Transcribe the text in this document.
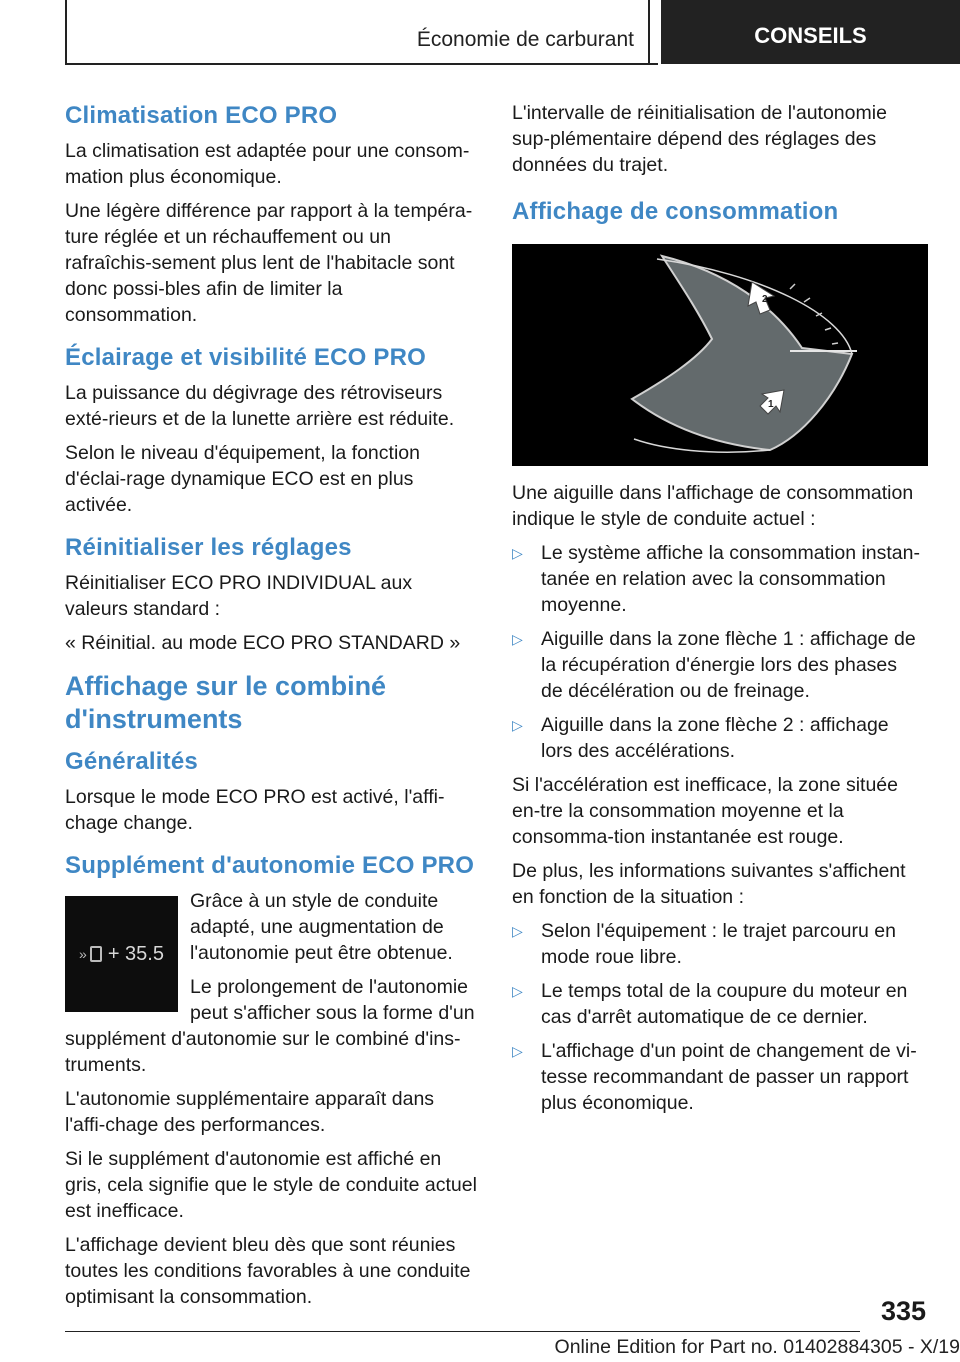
Économie de carburant	CONSEILS
Climatisation ECO PRO

La climatisation est adaptée pour une consom-mation plus économique.

Une légère différence par rapport à la tempéra-ture réglée et un réchauffement ou un rafraîchis-sement plus lent de l'habitacle sont donc possi-bles afin de limiter la consommation.

Éclairage et visibilité ECO PRO

La puissance du dégivrage des rétroviseurs exté-rieurs et de la lunette arrière est réduite.

Selon le niveau d'équipement, la fonction d'éclai-rage dynamique ECO est en plus activée.

Réinitialiser les réglages

Réinitialiser ECO PRO INDIVIDUAL aux valeurs standard :

« Réinitial. au mode ECO PRO STANDARD »

Affichage sur le combiné
d'instruments
Généralités

Lorsque le mode ECO PRO est activé, l'affi-chage change.

Supplément d'autonomie ECO PRO
» + 35.5

Grâce à un style de conduite adapté, une augmentation de l'autonomie peut être obtenue.

Le prolongement de l'autonomie peut s'afficher sous la forme d'un supplément d'autonomie sur le combiné d'ins-truments.

L'autonomie supplémentaire apparaît dans l'affi-chage des performances.

Si le supplément d'autonomie est affiché en gris, cela signifie que le style de conduite actuel est inefficace.

L'affichage devient bleu dès que sont réunies toutes les conditions favorables à une conduite optimisant la consommation.

L'intervalle de réinitialisation de l'autonomie sup-plémentaire dépend des réglages des données du trajet.

Affichage de consommation
2
1

Une aiguille dans l'affichage de consommation indique le style de conduite actuel :

▷ Le système affiche la consommation instan-tanée en relation avec la consommation moyenne.
▷ Aiguille dans la zone flèche 1 : affichage de la récupération d'énergie lors des phases de décélération ou de freinage.
▷ Aiguille dans la zone flèche 2 : affichage lors des accélérations.

Si l'accélération est inefficace, la zone située en-tre la consommation moyenne et la consomma-tion instantanée est rouge.

De plus, les informations suivantes s'affichent en fonction de la situation :

▷ Selon l'équipement : le trajet parcouru en mode roue libre.
▷ Le temps total de la coupure du moteur en cas d'arrêt automatique de ce dernier.
▷ L'affichage d'un point de changement de vi-tesse recommandant de passer un rapport plus économique.
335
Online Edition for Part no. 01402884305 - X/19
